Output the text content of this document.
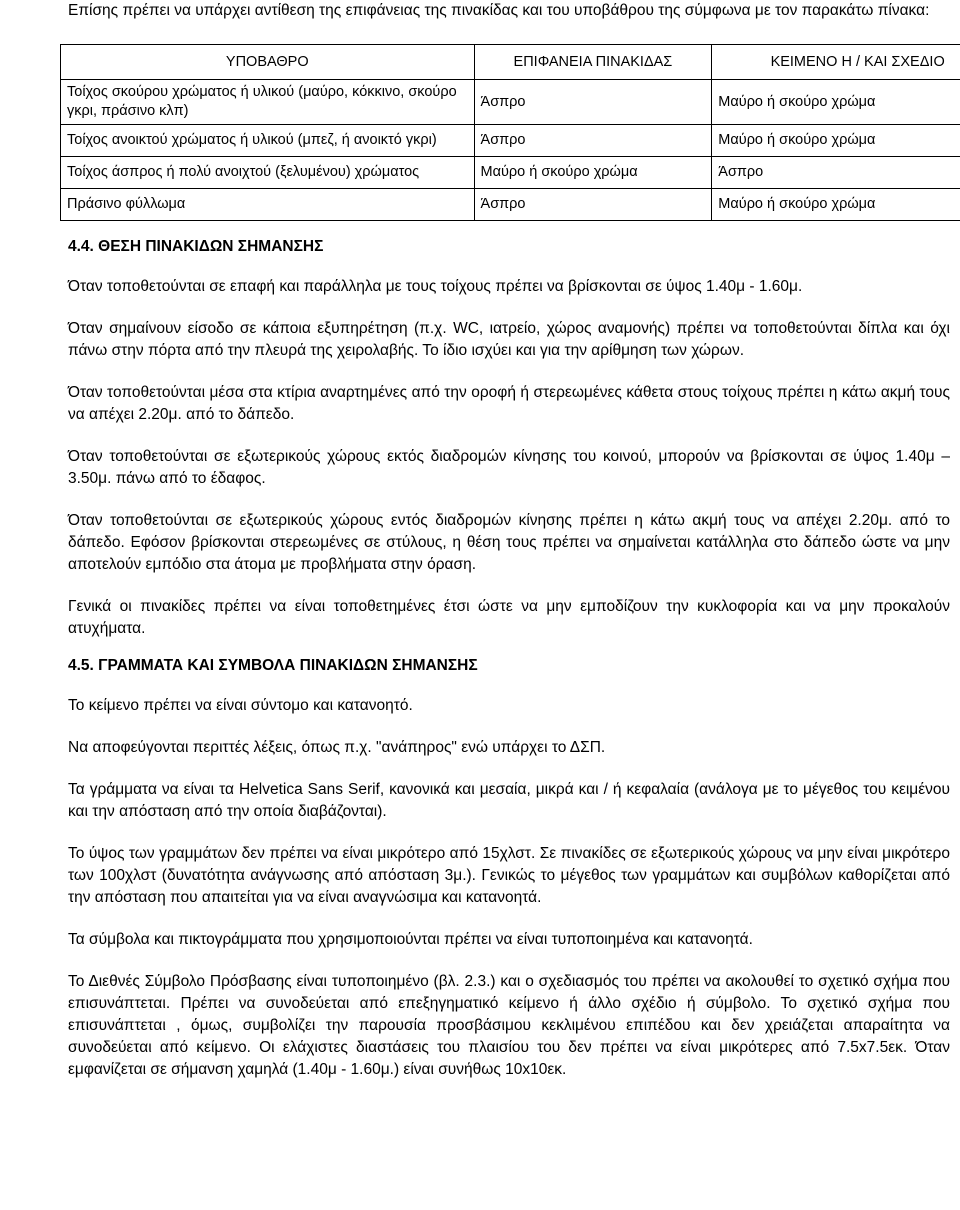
Επίσης πρέπει να υπάρχει αντίθεση της επιφάνειας της πινακίδας και του υποβάθρου της σύμφωνα με τον παρακάτω πίνακα:

ΥΠΟΒΑΘΡΟ	ΕΠΙΦΑΝΕΙΑ ΠΙΝΑΚΙΔΑΣ	ΚΕΙΜΕΝΟ Η / ΚΑΙ ΣΧΕΔΙΟ
Τοίχος σκούρου χρώματος ή υλικού (μαύρο, κόκκινο, σκούρο γκρι, πράσινο κλπ)	Άσπρο	Μαύρο ή σκούρο χρώμα
Τοίχος ανοικτού χρώματος ή υλικού (μπεζ, ή ανοικτό γκρι)	Άσπρο	Μαύρο ή σκούρο χρώμα
Τοίχος άσπρος ή πολύ ανοιχτού (ξελυμένου) χρώματος	Μαύρο ή σκούρο χρώμα	Άσπρο
Πράσινο φύλλωμα	Άσπρο	Μαύρο ή σκούρο χρώμα
4.4. ΘΕΣΗ ΠΙΝΑΚΙΔΩΝ ΣΗΜΑΝΣΗΣ

Όταν τοποθετούνται σε επαφή και παράλληλα με τους τοίχους πρέπει να βρίσκονται σε ύψος 1.40μ - 1.60μ.

Όταν σημαίνουν είσοδο σε κάποια εξυπηρέτηση (π.χ. WC, ιατρείο, χώρος αναμονής) πρέπει να τοποθετούνται δίπλα και όχι πάνω στην πόρτα από την πλευρά της χειρολαβής. Το ίδιο ισχύει και για την αρίθμηση των χώρων.

Όταν τοποθετούνται μέσα στα κτίρια αναρτημένες από την οροφή ή στερεωμένες κάθετα στους τοίχους πρέπει η κάτω ακμή τους να απέχει 2.20μ. από το δάπεδο.

Όταν τοποθετούνται σε εξωτερικούς χώρους εκτός διαδρομών κίνησης του κοινού, μπορούν να βρίσκονται σε ύψος 1.40μ – 3.50μ. πάνω από το έδαφος.

Όταν τοποθετούνται σε εξωτερικούς χώρους εντός διαδρομών κίνησης πρέπει η κάτω ακμή τους να απέχει 2.20μ. από το δάπεδο. Εφόσον βρίσκονται στερεωμένες σε στύλους, η θέση τους πρέπει να σημαίνεται κατάλληλα στο δάπεδο ώστε να μην αποτελούν εμπόδιο στα άτομα με προβλήματα στην όραση.

Γενικά οι πινακίδες πρέπει να είναι τοποθετημένες έτσι ώστε να μην εμποδίζουν την κυκλοφορία και να μην προκαλούν ατυχήματα.

4.5. ΓΡΑΜΜΑΤΑ ΚΑΙ ΣΥΜΒΟΛΑ ΠΙΝΑΚΙΔΩΝ ΣΗΜΑΝΣΗΣ

Το κείμενο πρέπει να είναι σύντομο και κατανοητό.

Να αποφεύγονται περιττές λέξεις, όπως π.χ. "ανάπηρος" ενώ υπάρχει το ΔΣΠ.

Τα γράμματα να είναι τα Helvetica Sans Serif, κανονικά και μεσαία, μικρά και / ή κεφαλαία (ανάλογα με το μέγεθος του κειμένου και την απόσταση από την οποία διαβάζονται).

Το ύψος των γραμμάτων δεν πρέπει να είναι μικρότερο από 15χλστ. Σε πινακίδες σε εξωτερικούς χώρους να μην είναι μικρότερο των 100χλστ (δυνατότητα ανάγνωσης από απόσταση 3μ.). Γενικώς το μέγεθος των γραμμάτων και συμβόλων καθορίζεται από την απόσταση που απαιτείται για να είναι αναγνώσιμα και κατανοητά.

Τα σύμβολα και πικτογράμματα που χρησιμοποιούνται πρέπει να είναι τυποποιημένα και κατανοητά.

Το Διεθνές Σύμβολο Πρόσβασης είναι τυποποιημένο (βλ. 2.3.) και ο σχεδιασμός του πρέπει να ακολουθεί το σχετικό σχήμα που επισυνάπτεται. Πρέπει να συνοδεύεται από επεξηγηματικό κείμενο ή άλλο σχέδιο ή σύμβολο. Το σχετικό σχήμα που επισυνάπτεται , όμως, συμβολίζει την παρουσία προσβάσιμου κεκλιμένου επιπέδου και δεν χρειάζεται απαραίτητα να συνοδεύεται από κείμενο. Οι ελάχιστες διαστάσεις του πλαισίου του δεν πρέπει να είναι μικρότερες από 7.5x7.5εκ. Όταν εμφανίζεται σε σήμανση χαμηλά (1.40μ - 1.60μ.) είναι συνήθως 10x10εκ.
